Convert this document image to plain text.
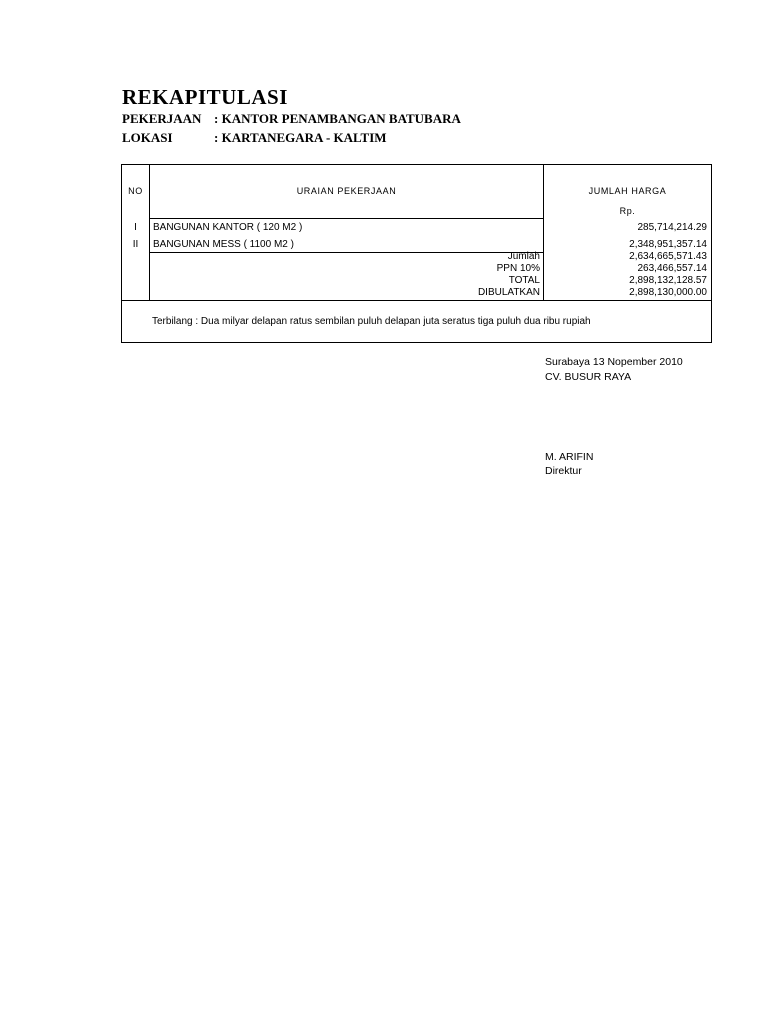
REKAPITULASI
PEKERJAAN : KANTOR PENAMBANGAN BATUBARA
LOKASI	: KARTANEGARA - KALTIM
NO	URAIAN PEKERJAAN	JUMLAH HARGA
Rp.
I	BANGUNAN KANTOR ( 120 M2 )	285,714,214.29
II	BANGUNAN MESS ( 1100 M2 )	2,348,951,357.14
Jumlah	2,634,665,571.43
PPN 10%	263,466,557.14
TOTAL	2,898,132,128.57
DIBULATKAN	2,898,130,000.00
Terbilang : Dua milyar delapan ratus sembilan puluh delapan juta seratus tiga puluh dua ribu rupiah
Surabaya 13 Nopember 2010
CV. BUSUR RAYA
M. ARIFIN
Direktur
